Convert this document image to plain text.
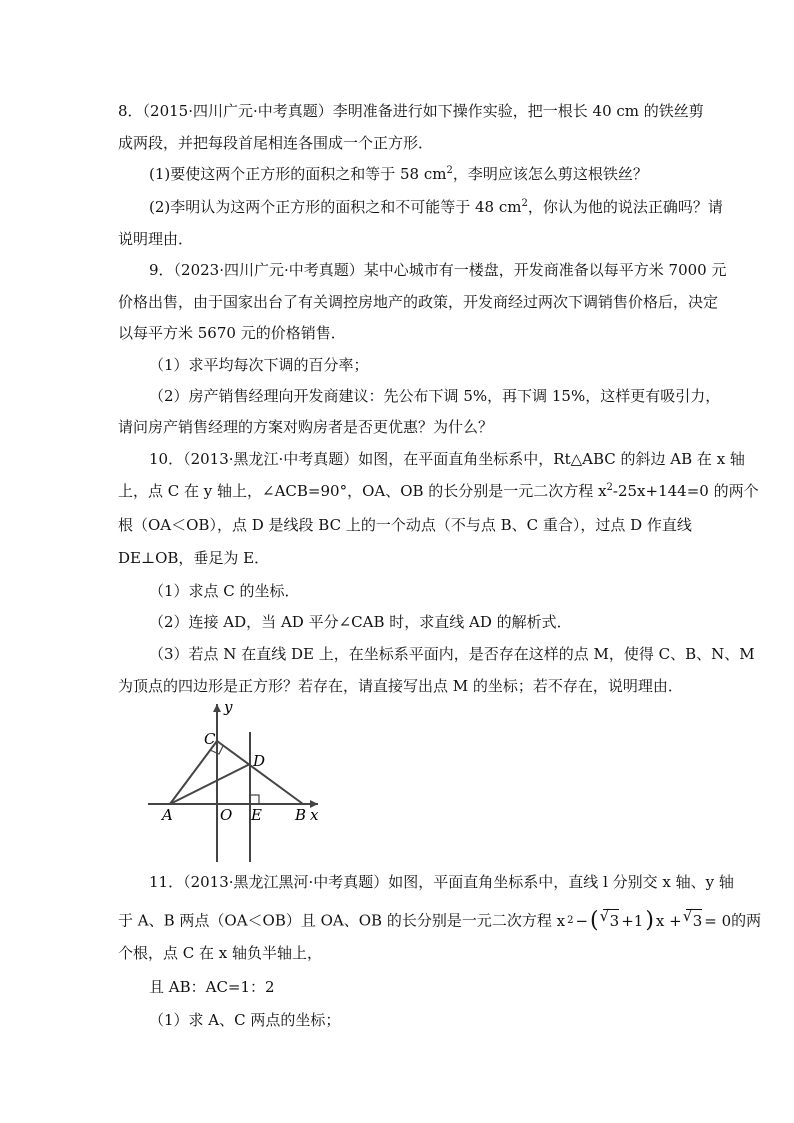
8．（2015·四川广元·中考真题）李明准备进行如下操作实验，把一根长 40 cm 的铁丝剪
成两段，并把每段首尾相连各围成一个正方形．
(1)要使这两个正方形的面积之和等于 58 $cm^2$，李明应该怎么剪这根铁丝？
(2)李明认为这两个正方形的面积之和不可能等于 48 $cm^2$，你认为他的说法正确吗？请
说明理由．
9．（2023·四川广元·中考真题）某中心城市有一楼盘，开发商准备以每平方米 7000 元
价格出售，由于国家出台了有关调控房地产的政策，开发商经过两次下调销售价格后，决定
以每平方米 5670 元的价格销售．
（1）求平均每次下调的百分率；
（2）房产销售经理向开发商建议：先公布下调 5%，再下调 15%，这样更有吸引力，
请问房产销售经理的方案对购房者是否更优惠？为什么？
10．（2013·黑龙江·中考真题）如图，在平面直角坐标系中，Rt△ABC 的斜边 AB 在 x 轴
上，点 C 在 y 轴上，∠ACB=90°，OA、OB 的长分别是一元二次方程 $x^2-25x+144=0$ 的两个
根（OA＜OB），点 D 是线段 BC 上的一个动点（不与点 B、C 重合），过点 D 作直线
DE⊥OB，垂足为 E．
（1）求点 C 的坐标．
（2）连接 AD，当 AD 平分∠CAB 时，求直线 AD 的解析式．
（3）若点 N 在直线 DE 上，在坐标系平面内，是否存在这样的点 M，使得 C、B、N、M
为顶点的四边形是正方形？若存在，请直接写出点 M 的坐标；若不存在，说明理由．
y
x
C
D
A	O E B
11．（2013·黑龙江黑河·中考真题）如图，平面直角坐标系中，直线 l 分别交 x 轴、y 轴
于 A、B 两点（OA＜OB）且 OA、OB 的长分别是一元二次方程 x 2 − ( √ 3 +1 ) x + √ 3 = 0 的两
个根，点 C 在 x 轴负半轴上，
且 AB：AC=1：2
（1）求 A、C 两点的坐标；
